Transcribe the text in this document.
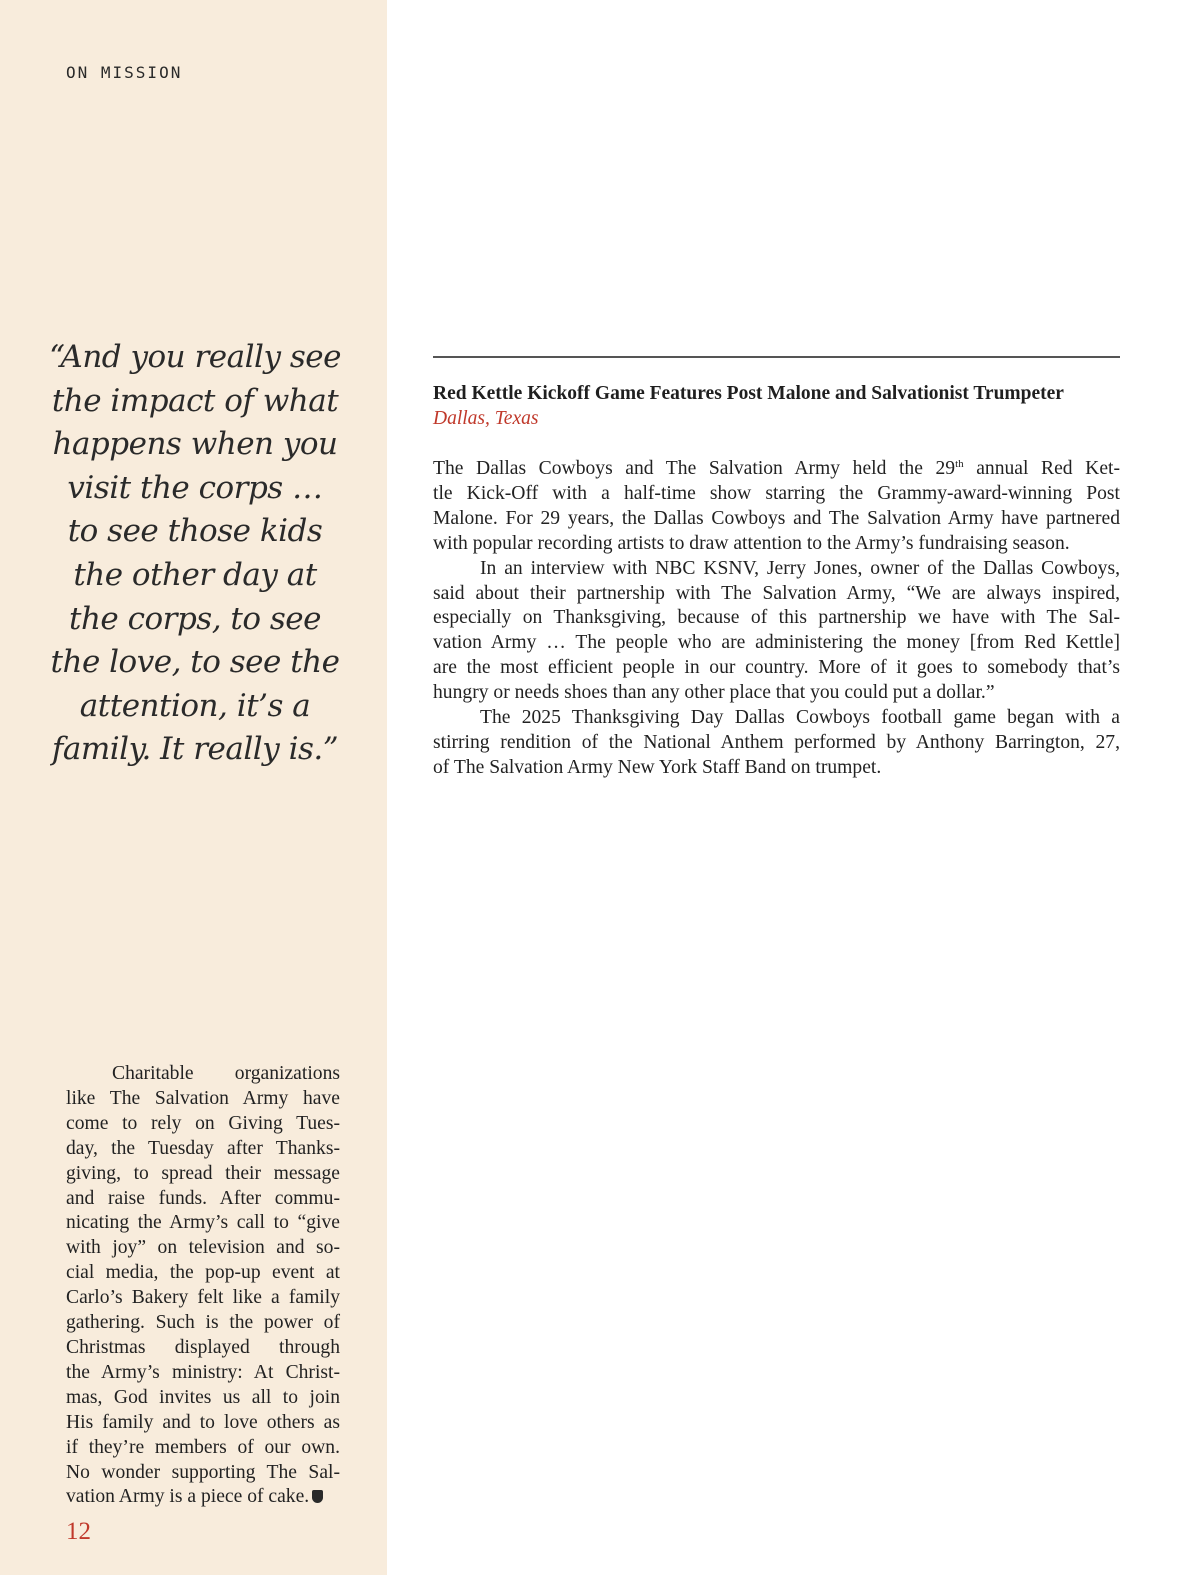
ON MISSION
“And you really see
the impact of what
happens when you
visit the corps …
to see those kids
the other day at
the corps, to see
the love, to see the
attention, it’s a
family. It really is.”
Charitable organizations
like The Salvation Army have
come to rely on Giving Tues-
day, the Tuesday after Thanks-
giving, to spread their message
and raise funds. After commu-
nicating the Army’s call to “give
with joy” on television and so-
cial media, the pop-up event at
Carlo’s Bakery felt like a family
gathering. Such is the power of
Christmas displayed through
the Army’s ministry: At Christ-
mas, God invites us all to join
His family and to love others as
if they’re members of our own.
No wonder supporting The Sal-
vation Army is a piece of cake.
12
Red Kettle Kickoff Game Features Post Malone and Salvationist Trumpeter
Dallas, Texas
The Dallas Cowboys and The Salvation Army held the 29th annual Red Ket-
tle Kick-Off with a half-time show starring the Grammy-award-winning Post
Malone. For 29 years, the Dallas Cowboys and The Salvation Army have partnered
with popular recording artists to draw attention to the Army’s fundraising season.
In an interview with NBC KSNV, Jerry Jones, owner of the Dallas Cowboys,
said about their partnership with The Salvation Army, “We are always inspired,
especially on Thanksgiving, because of this partnership we have with The Sal-
vation Army … The people who are administering the money [from Red Kettle]
are the most efficient people in our country. More of it goes to somebody that’s
hungry or needs shoes than any other place that you could put a dollar.”
The 2025 Thanksgiving Day Dallas Cowboys football game began with a
stirring rendition of the National Anthem performed by Anthony Barrington, 27,
of The Salvation Army New York Staff Band on trumpet.
